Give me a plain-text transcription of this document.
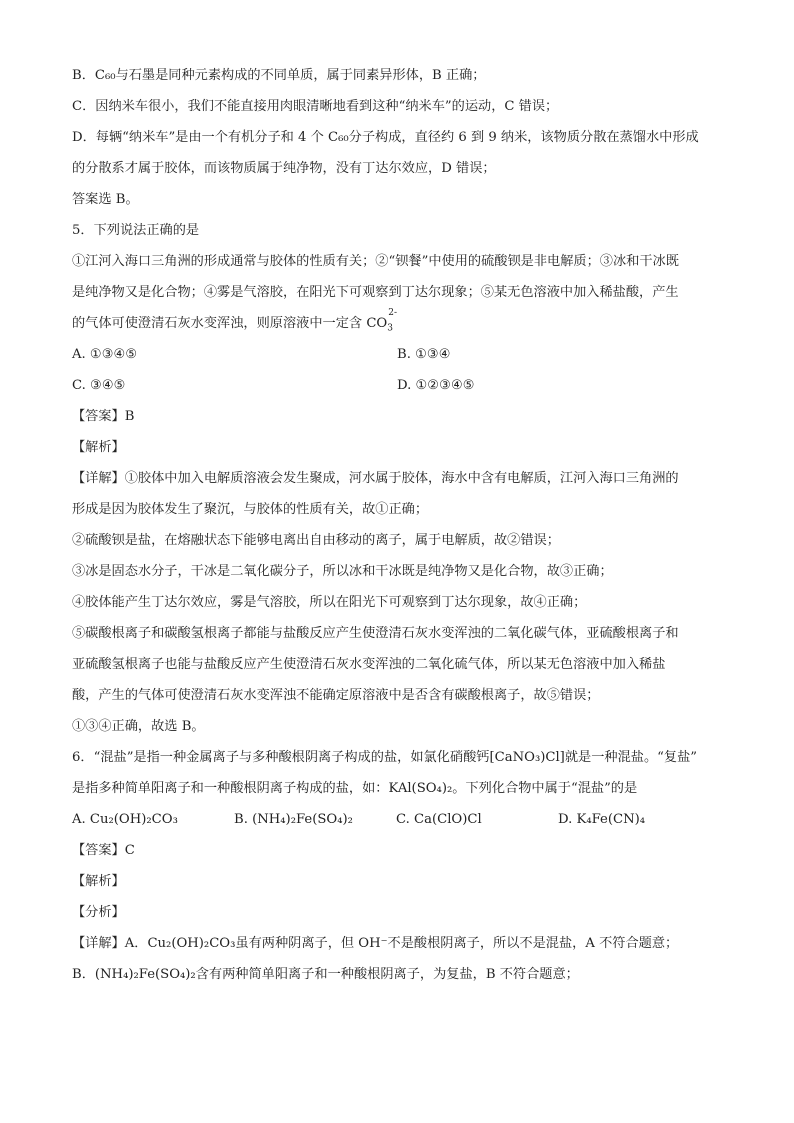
B．C₆₀与石墨是同种元素构成的不同单质，属于同素异形体，B 正确；
C．因纳米车很小，我们不能直接用肉眼清晰地看到这种“纳米车”的运动，C 错误；
D．每辆“纳米车”是由一个有机分子和 4 个 C₆₀分子构成，直径约 6 到 9 纳米，该物质分散在蒸馏水中形成
的分散系才属于胶体，而该物质属于纯净物，没有丁达尔效应，D 错误；
答案选 B。
5．下列说法正确的是
①江河入海口三角洲的形成通常与胶体的性质有关；②“钡餐”中使用的硫酸钡是非电解质；③冰和干冰既
是纯净物又是化合物；④雾是气溶胶，在阳光下可观察到丁达尔现象；⑤某无色溶液中加入稀盐酸，产生
的气体可使澄清石灰水变浑浊，则原溶液中一定含 CO
2-
$_3$
A. ①③④⑤	B. ①③④
C. ③④⑤	D. ①②③④⑤
【答案】B
【解析】
【详解】①胶体中加入电解质溶液会发生聚成，河水属于胶体，海水中含有电解质，江河入海口三角洲的
形成是因为胶体发生了聚沉，与胶体的性质有关，故①正确；
②硫酸钡是盐，在熔融状态下能够电离出自由移动的离子，属于电解质，故②错误；
③冰是固态水分子，干冰是二氧化碳分子，所以冰和干冰既是纯净物又是化合物，故③正确；
④胶体能产生丁达尔效应，雾是气溶胶，所以在阳光下可观察到丁达尔现象，故④正确；
⑤碳酸根离子和碳酸氢根离子都能与盐酸反应产生使澄清石灰水变浑浊的二氧化碳气体，亚硫酸根离子和
亚硫酸氢根离子也能与盐酸反应产生使澄清石灰水变浑浊的二氧化硫气体，所以某无色溶液中加入稀盐
酸，产生的气体可使澄清石灰水变浑浊不能确定原溶液中是否含有碳酸根离子，故⑤错误；
①③④正确，故选 B。
6．“混盐”是指一种金属离子与多种酸根阴离子构成的盐，如氯化硝酸钙[CaNO₃)Cl]就是一种混盐。“复盐”
是指多种简单阳离子和一种酸根阴离子构成的盐，如：KAl(SO₄)₂。下列化合物中属于“混盐”的是
A. Cu₂(OH)₂CO₃	B. (NH₄)₂Fe(SO₄)₂	C. Ca(ClO)Cl	D. K₄Fe(CN)₄
【答案】C
【解析】
【分析】
【详解】A．Cu₂(OH)₂CO₃虽有两种阴离子，但 OH⁻不是酸根阴离子，所以不是混盐，A 不符合题意；
B．(NH₄)₂Fe(SO₄)₂含有两种简单阳离子和一种酸根阴离子，为复盐，B 不符合题意；
